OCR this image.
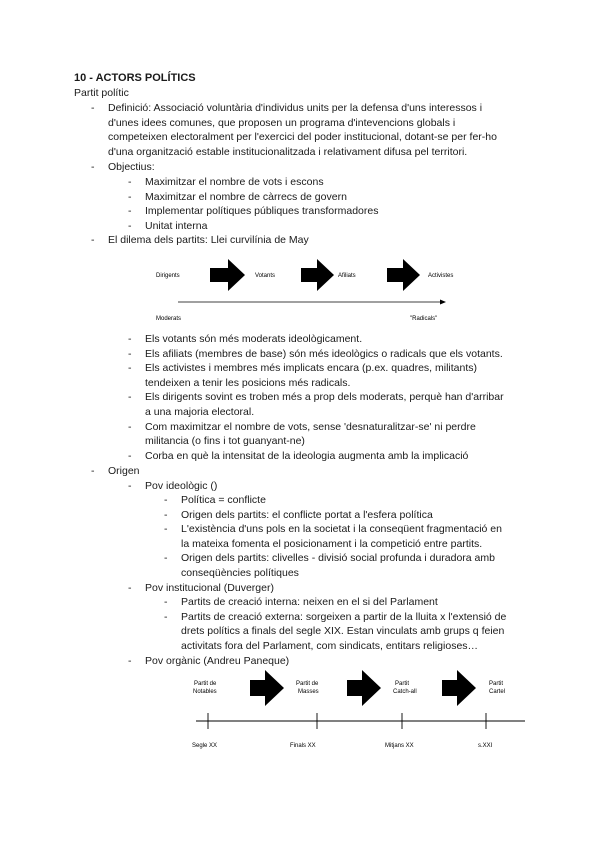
10 - ACTORS POLÍTICS
Partit polític
- Definició: Associació voluntària d'individus units per la defensa d'uns interessos i
d'unes idees comunes, que proposen un programa d'intevencions globals i
competeixen electoralment per l'exercici del poder institucional, dotant-se per fer-ho
d'una organització estable institucionalitzada i relativament difusa pel territori.
- Objectius:
- Maximitzar el nombre de vots i escons
- Maximitzar el nombre de càrrecs de govern
- Implementar polítiques públiques transformadores
- Unitat interna
- El dilema dels partits: Llei curvilínia de May
Dirigents	Votants	Afiliats	Activistes
Moderats	"Radicals"
- Els votants són més moderats ideològicament.
- Els afiliats (membres de base) són més ideològics o radicals que els votants.
- Els activistes i membres més implicats encara (p.ex. quadres, militants)
tendeixen a tenir les posicions més radicals.
- Els dirigents sovint es troben més a prop dels moderats, perquè han d'arribar
a una majoria electoral.
- Com maximitzar el nombre de vots, sense 'desnaturalitzar-se' ni perdre
militancia (o fins i tot guanyant-ne)
- Corba en què la intensitat de la ideologia augmenta amb la implicació
- Origen
- Pov ideològic ()
- Política = conflicte
- Origen dels partits: el conflicte portat a l'esfera política
- L'existència d'uns pols en la societat i la conseqüent fragmentació en
la mateixa fomenta el posicionament i la competició entre partits.
- Origen dels partits: clivelles - divisió social profunda i duradora amb
conseqüències polítiques
- Pov institucional (Duverger)
- Partits de creació interna: neixen en el si del Parlament
- Partits de creació externa: sorgeixen a partir de la lluita x l'extensió de
drets polítics a finals del segle XIX. Estan vinculats amb grups q feien
activitats fora del Parlament, com sindicats, entitars religioses…
- Pov orgànic (Andreu Paneque)
Partit de
Notables
Partit de
Masses
Partit
Catch-all
Partit
Cartel
Segle XX	Finals XX	Mitjans XX	s.XXI
